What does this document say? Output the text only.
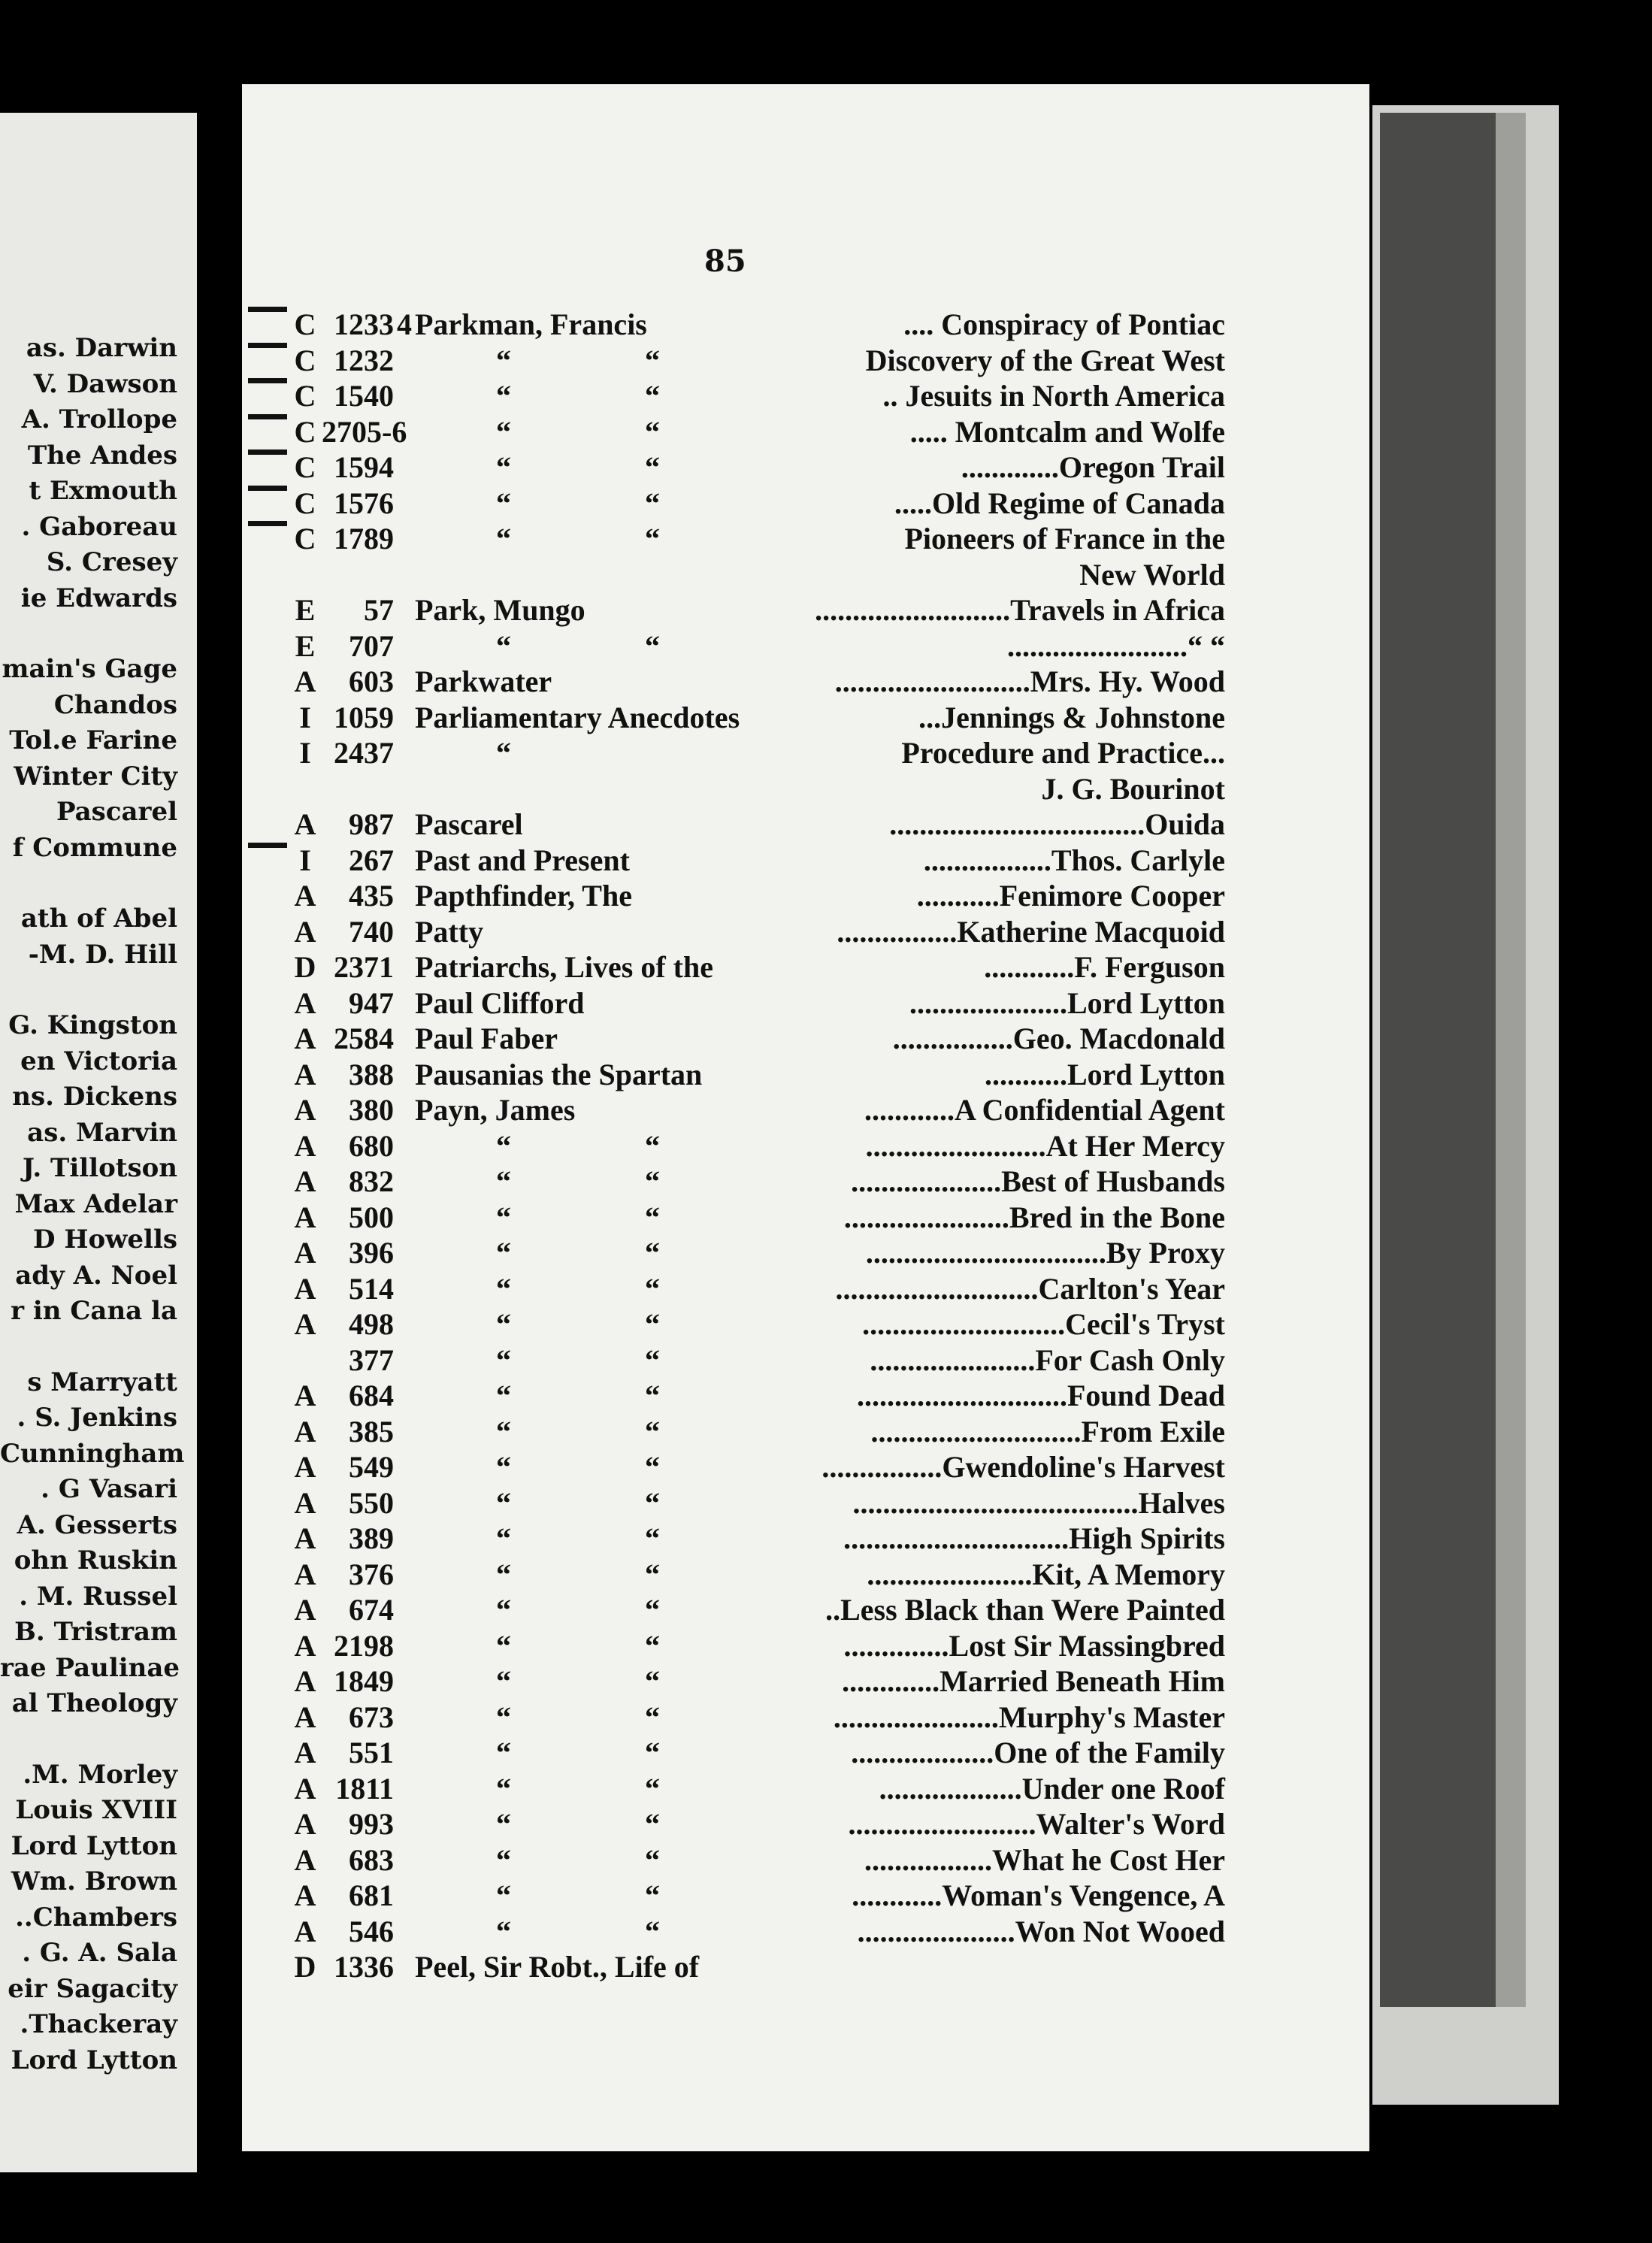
as. Darwin
V. Dawson
A. Trollope
The Andes
t Exmouth
. Gaboreau
S. Cresey
ie Edwards
main's Gage
Chandos
Tol.e Farine
Winter City
Pascarel
f Commune
ath of Abel
-M. D. Hill
G. Kingston
en Victoria
ns. Dickens
as. Marvin
J. Tillotson
Max Adelar
D Howells
ady A. Noel
r in Cana la
s Marryatt
. S. Jenkins
Cunningham
. G Vasari
A. Gesserts
ohn Ruskin
. M. Russel
B. Tristram
rae Paulinae
al Theology
.M. Morley
Louis XVIII
Lord Lytton
Wm. Brown
..Chambers
. G. A. Sala
eir Sagacity
.Thackeray
Lord Lytton
85
C 1233 4 Parkman, Francis	.... Conspiracy of Pontiac
C 1232	“	“	Discovery of the Great West
C 1540	“	“	.. Jesuits in North America
C 2705-6	“	“	..... Montcalm and Wolfe
C 1594	“	“	.............Oregon Trail
C 1576	“	“	.....Old Regime of Canada
C 1789	“	“	Pioneers of France in the
New World
E	57 Park, Mungo	..........................Travels in Africa
E	707	“	“	........................“ “
A	603 Parkwater	..........................Mrs. Hy. Wood
I 1059 Parliamentary Anecdotes	...Jennings & Johnstone
I 2437	“	Procedure and Practice...
J. G. Bourinot
A	987 Pascarel	..................................Ouida
I	267 Past and Present	.................Thos. Carlyle
A	435 Papthfinder, The	...........Fenimore Cooper
A	740 Patty	................Katherine Macquoid
D 2371 Patriarchs, Lives of the	............F. Ferguson
A	947 Paul Clifford	.....................Lord Lytton
A 2584 Paul Faber	................Geo. Macdonald
A	388 Pausanias the Spartan	...........Lord Lytton
A	380 Payn, James	............A Confidential Agent
A	680	“	“	........................At Her Mercy
A	832	“	“	....................Best of Husbands
A	500	“	“	......................Bred in the Bone
A	396	“	“	................................By Proxy
A	514	“	“	...........................Carlton's Year
A	498	“	“	...........................Cecil's Tryst
377	“	“	......................For Cash Only
A	684	“	“	............................Found Dead
A	385	“	“	............................From Exile
A	549	“	“	................Gwendoline's Harvest
A	550	“	“	......................................Halves
A	389	“	“	..............................High Spirits
A	376	“	“	......................Kit, A Memory
A	674	“	“	..Less Black than Were Painted
A 2198	“	“	..............Lost Sir Massingbred
A 1849	“	“	.............Married Beneath Him
A	673	“	“	......................Murphy's Master
A	551	“	“	...................One of the Family
A 1811	“	“	...................Under one Roof
A	993	“	“	.........................Walter's Word
A	683	“	“	.................What he Cost Her
A	681	“	“	............Woman's Vengence, A
A	546	“	“	.....................Won Not Wooed
D 1336 Peel, Sir Robt., Life of
